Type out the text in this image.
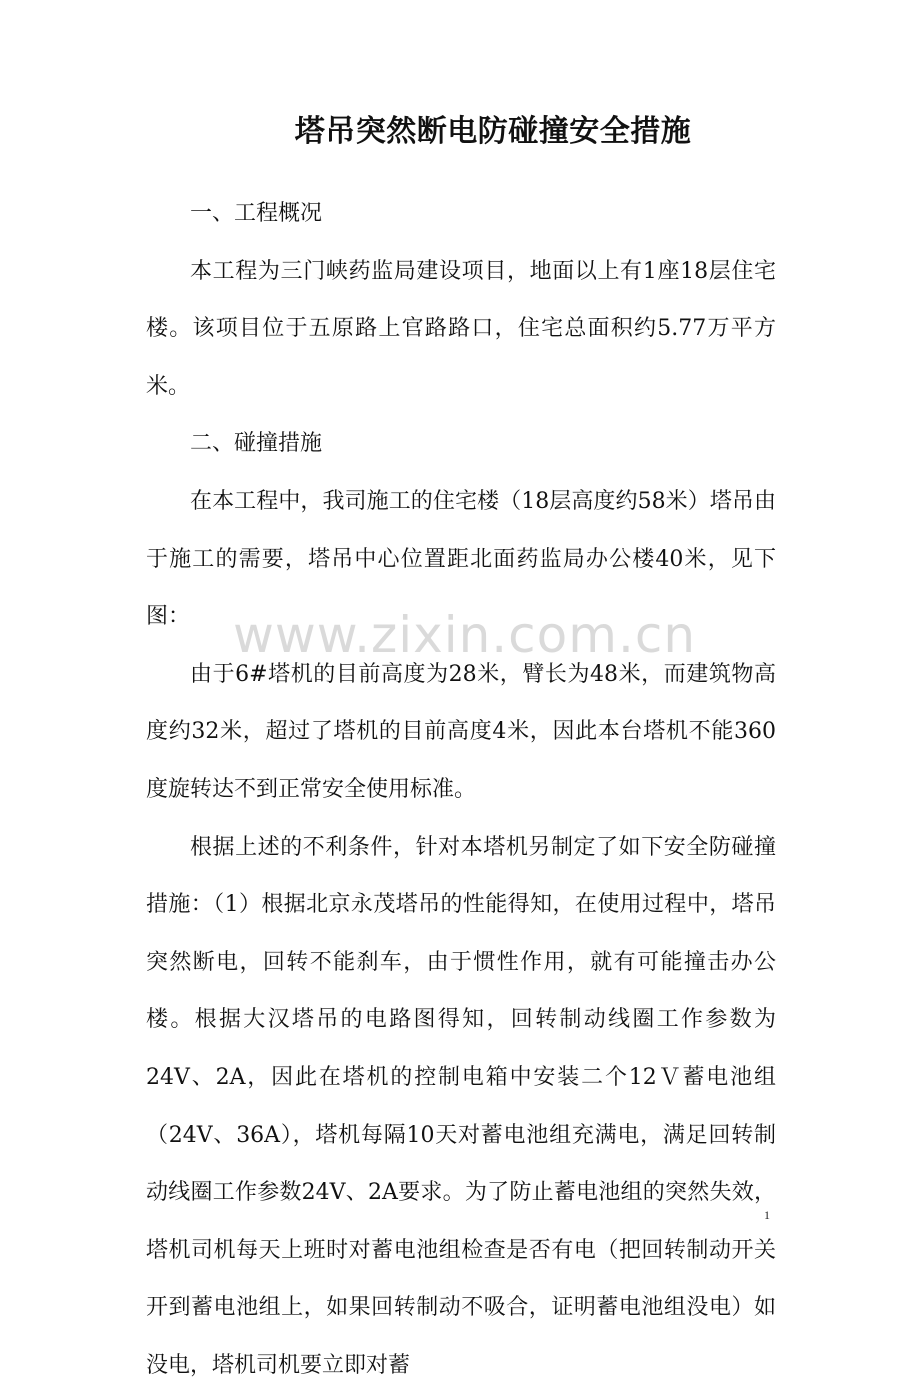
塔吊突然断电防碰撞安全措施

一、工程概况

本工程为三门峡药监局建设项目，地面以上有1座18层住宅楼。该项目位于五原路上官路路口，住宅总面积约5.77万平方米。

二、碰撞措施

在本工程中，我司施工的住宅楼（18层高度约58米）塔吊由于施工的需要，塔吊中心位置距北面药监局办公楼40米，见下图：

由于6#塔机的目前高度为28米，臂长为48米，而建筑物高度约32米，超过了塔机的目前高度4米，因此本台塔机不能360度旋转达不到正常安全使用标准。

根据上述的不利条件，针对本塔机另制定了如下安全防碰撞措施：（1）根据北京永茂塔吊的性能得知，在使用过程中，塔吊突然断电，回转不能刹车，由于惯性作用，就有可能撞击办公楼。根据大汉塔吊的电路图得知，回转制动线圈工作参数为24V、2A，因此在塔机的控制电箱中安装二个12Ｖ蓄电池组（24V、36A），塔机每隔10天对蓄电池组充满电，满足回转制动线圈工作参数24V、2A要求。为了防止蓄电池组的突然失效，塔机司机每天上班时对蓄电池组检查是否有电（把回转制动开关开到蓄电池组上，如果回转制动不吸合，证明蓄电池组没电）如没电，塔机司机要立即对蓄

www.zixin.com.cn
1
